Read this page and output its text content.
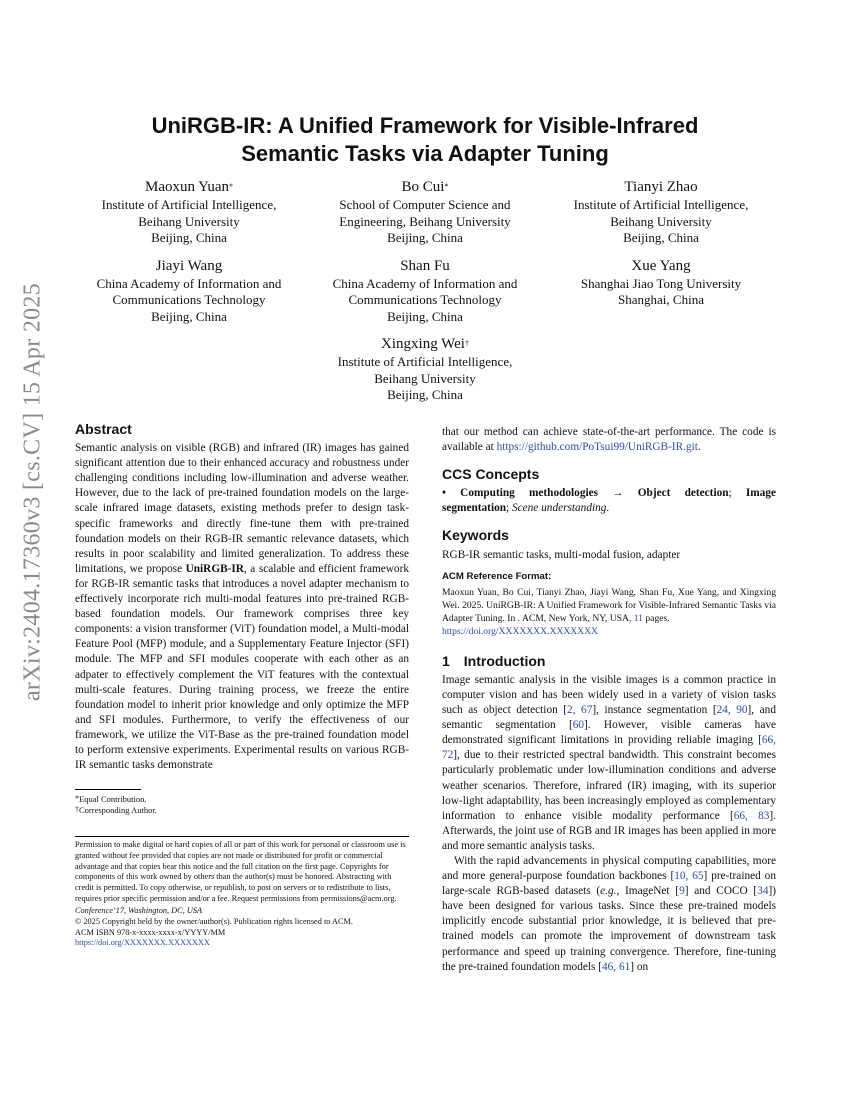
arXiv:2404.17360v3 [cs.CV] 15 Apr 2025
UniRGB-IR: A Unified Framework for Visible-Infrared
Semantic Tasks via Adapter Tuning
Maoxun Yuan*
Institute of Artificial Intelligence,
Beihang University
Beijing, China
Bo Cui*
School of Computer Science and
Engineering, Beihang University
Beijing, China
Tianyi Zhao
Institute of Artificial Intelligence,
Beihang University
Beijing, China
Jiayi Wang
China Academy of Information and
Communications Technology
Beijing, China
Shan Fu
China Academy of Information and
Communications Technology
Beijing, China
Xue Yang
Shanghai Jiao Tong University
Shanghai, China
Xingxing Wei†
Institute of Artificial Intelligence,
Beihang University
Beijing, China
Abstract

Semantic analysis on visible (RGB) and infrared (IR) images has gained significant attention due to their enhanced accuracy and robustness under challenging conditions including low-illumination and adverse weather. However, due to the lack of pre-trained foundation models on the large-scale infrared image datasets, existing methods prefer to design task-specific frameworks and directly fine-tune them with pre-trained foundation models on their RGB-IR semantic relevance datasets, which results in poor scalability and limited generalization. To address these limitations, we propose UniRGB-IR, a scalable and efficient framework for RGB-IR semantic tasks that introduces a novel adapter mechanism to effectively incorporate rich multi-modal features into pre-trained RGB-based foundation models. Our framework comprises three key components: a vision transformer (ViT) foundation model, a Multi-modal Feature Pool (MFP) module, and a Supplementary Feature Injector (SFI) module. The MFP and SFI modules cooperate with each other as an adpater to effectively complement the ViT features with the contextual multi-scale features. During training process, we freeze the entire foundation model to inherit prior knowledge and only optimize the MFP and SFI modules. Furthermore, to verify the effectiveness of our framework, we utilize the ViT-Base as the pre-trained foundation model to perform extensive experiments. Experimental results on various RGB-IR semantic tasks demonstrate

*Equal Contribution.
†Corresponding Author.
Permission to make digital or hard copies of all or part of this work for personal or classroom use is granted without fee provided that copies are not made or distributed for profit or commercial advantage and that copies bear this notice and the full citation on the first page. Copyrights for components of this work owned by others than the author(s) must be honored. Abstracting with credit is permitted. To copy otherwise, or republish, to post on servers or to redistribute to lists, requires prior specific permission and/or a fee. Request permissions from permissions@acm.org.
Conference’17, Washington, DC, USA
© 2025 Copyright held by the owner/author(s). Publication rights licensed to ACM.
ACM ISBN 978-x-xxxx-xxxx-x/YYYY/MM
https://doi.org/XXXXXXX.XXXXXXX

that our method can achieve state-of-the-art performance. The code is available at https://github.com/PoTsui99/UniRGB-IR.git.

CCS Concepts

• Computing methodologies → Object detection; Image segmentation; Scene understanding.

Keywords

RGB-IR semantic tasks, multi-modal fusion, adapter

ACM Reference Format:
Maoxun Yuan, Bo Cui, Tianyi Zhao, Jiayi Wang, Shan Fu, Xue Yang, and Xingxing Wei. 2025. UniRGB-IR: A Unified Framework for Visible-Infrared Semantic Tasks via Adapter Tuning. In . ACM, New York, NY, USA, 11 pages.
https://doi.org/XXXXXXX.XXXXXXX
1 Introduction

Image semantic analysis in the visible images is a common practice in computer vision and has been widely used in a variety of vision tasks such as object detection [2, 67], instance segmentation [24, 90], and semantic segmentation [60]. However, visible cameras have demonstrated significant limitations in providing reliable imaging [66, 72], due to their restricted spectral bandwidth. This constraint becomes particularly problematic under low-illumination conditions and adverse weather scenarios. Therefore, infrared (IR) imaging, with its superior low-light adaptability, has been increasingly employed as complementary information to enhance visible modality performance [66, 83]. Afterwards, the joint use of RGB and IR images has been applied in more and more semantic analysis tasks.

With the rapid advancements in physical computing capabilities, more and more general-purpose foundation backbones [10, 65] pre-trained on large-scale RGB-based datasets (e.g., ImageNet [9] and COCO [34]) have been designed for various tasks. Since these pre-trained models implicitly encode substantial prior knowledge, it is believed that pre-trained models can promote the improvement of downstream task performance and speed up training convergence. Therefore, fine-tuning the pre-trained foundation models [46, 61] on
